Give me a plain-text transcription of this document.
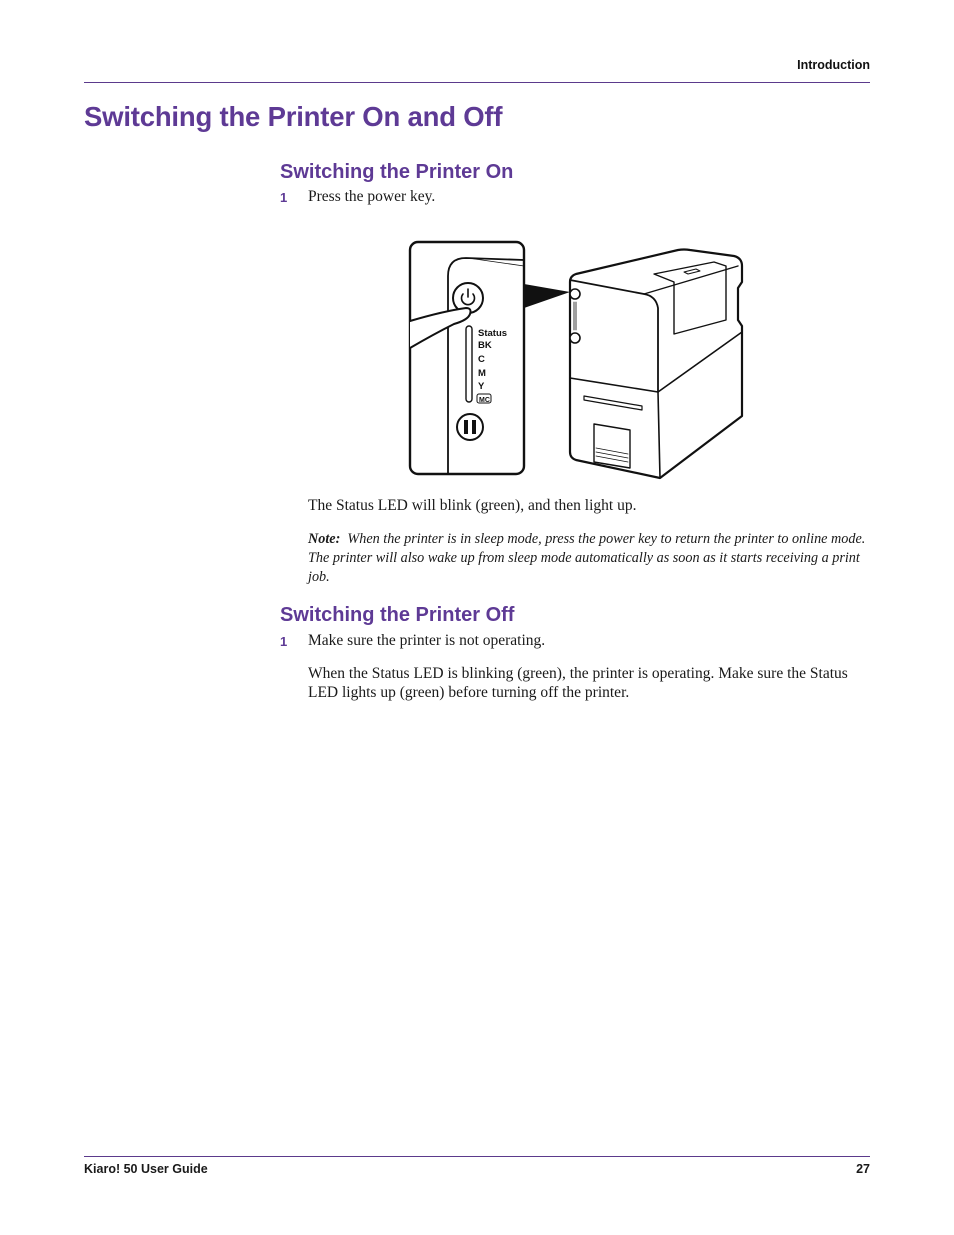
Introduction
Switching the Printer On and Off
Switching the Printer On
1	Press the power key.
Status
BK
C
M
Y
MC
The Status LED will blink (green), and then light up.
Note: When the printer is in sleep mode, press the power key to return the printer to online mode. The printer will also wake up from sleep mode automatically as soon as it starts receiving a print job.
Switching the Printer Off
1	Make sure the printer is not operating.
When the Status LED is blinking (green), the printer is operating. Make sure the Status LED lights up (green) before turning off the printer.
Kiaro! 50 User Guide	27
